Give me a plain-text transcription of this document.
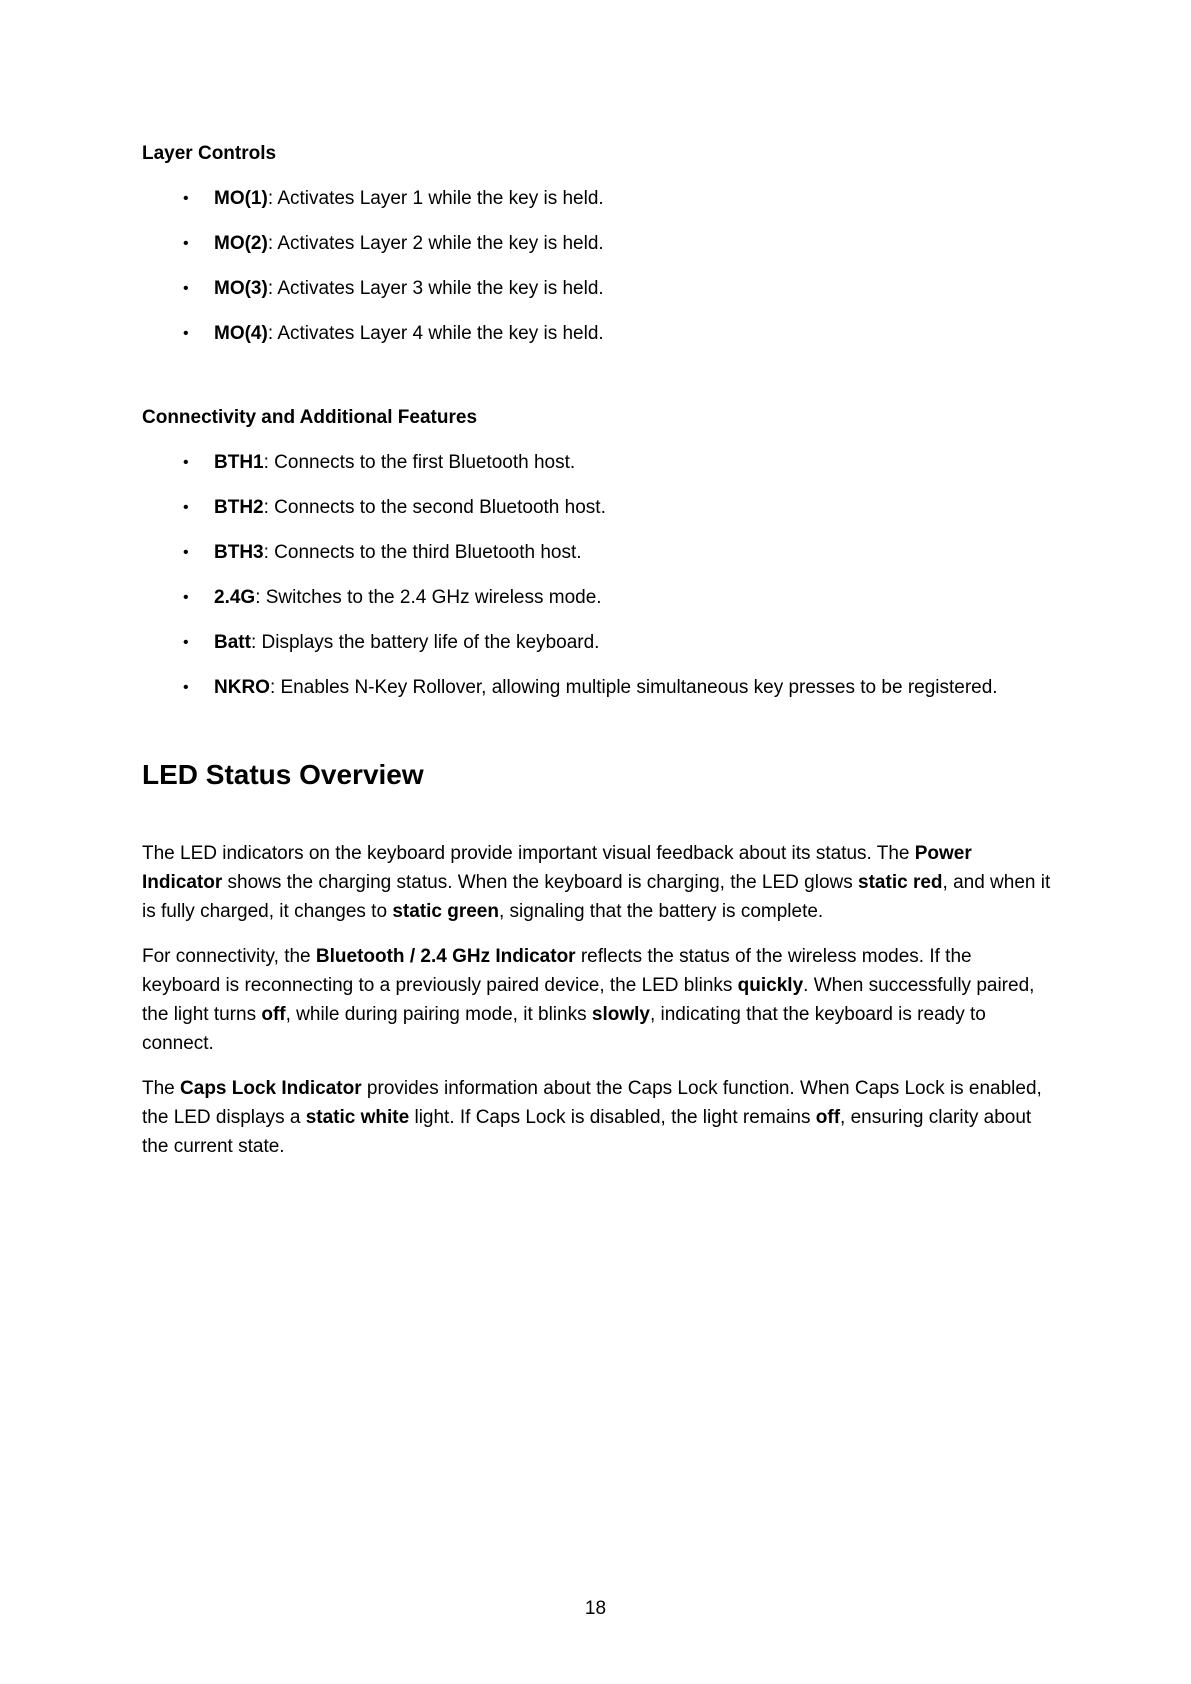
Layer Controls
• MO(1): Activates Layer 1 while the key is held.
• MO(2): Activates Layer 2 while the key is held.
• MO(3): Activates Layer 3 while the key is held.
• MO(4): Activates Layer 4 while the key is held.
Connectivity and Additional Features
• BTH1: Connects to the first Bluetooth host.
• BTH2: Connects to the second Bluetooth host.
• BTH3: Connects to the third Bluetooth host.
• 2.4G: Switches to the 2.4 GHz wireless mode.
• Batt: Displays the battery life of the keyboard.
• NKRO: Enables N-Key Rollover, allowing multiple simultaneous key presses to be registered.
LED Status Overview

The LED indicators on the keyboard provide important visual feedback about its status. The Power Indicator shows the charging status. When the keyboard is charging, the LED glows static red, and when it is fully charged, it changes to static green, signaling that the battery is complete.

For connectivity, the Bluetooth / 2.4 GHz Indicator reflects the status of the wireless modes. If the keyboard is reconnecting to a previously paired device, the LED blinks quickly. When successfully paired, the light turns off, while during pairing mode, it blinks slowly, indicating that the keyboard is ready to connect.

The Caps Lock Indicator provides information about the Caps Lock function. When Caps Lock is enabled, the LED displays a static white light. If Caps Lock is disabled, the light remains off, ensuring clarity about the current state.

18
